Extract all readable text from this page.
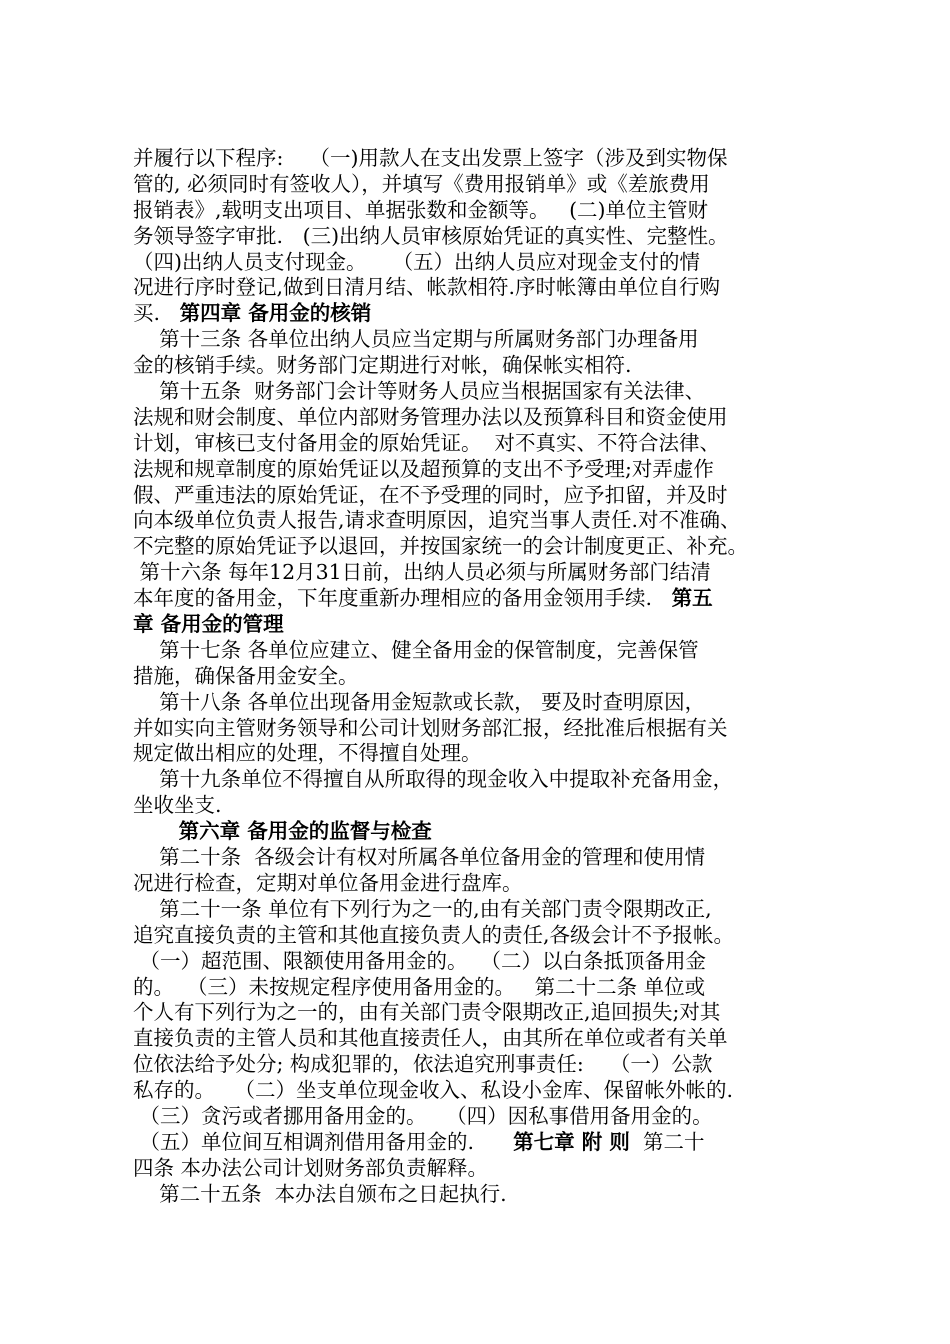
并履行以下程序:    （一)用款人在支出发票上签字（涉及到实物保
管的, 必须同时有签收人），并填写《费用报销单》或《差旅费用
报销表》,载明支出项目、单据张数和金额等。   (二)单位主管财
务领导签字审批.   (三)出纳人员审核原始凭证的真实性、完整性。
（四)出纳人员支付现金。    （五）出纳人员应对现金支付的情
况进行序时登记,做到日清月结、帐款相符.序时帐簿由单位自行购
买.   第四章 备用金的核销
第十三条 各单位出纳人员应当定期与所属财务部门办理备用
金的核销手续。财务部门定期进行对帐，确保帐实相符.
第十五条  财务部门会计等财务人员应当根据国家有关法律、
法规和财会制度、单位内部财务管理办法以及预算科目和资金使用
计划，审核已支付备用金的原始凭证。  对不真实、不符合法律、
法规和规章制度的原始凭证以及超预算的支出不予受理;对弄虚作
假、严重违法的原始凭证，在不予受理的同时，应予扣留，并及时
向本级单位负责人报告,请求查明原因，追究当事人责任.对不准确、
不完整的原始凭证予以退回，并按国家统一的会计制度更正、补充。
第十六条 每年12月31日前，出纳人员必须与所属财务部门结清
本年度的备用金，下年度重新办理相应的备用金领用手续.   第五
章 备用金的管理
第十七条 各单位应建立、健全备用金的保管制度，完善保管
措施，确保备用金安全。
第十八条 各单位出现备用金短款或长款， 要及时查明原因，
并如实向主管财务领导和公司计划财务部汇报，经批准后根据有关
规定做出相应的处理，不得擅自处理。
第十九条单位不得擅自从所取得的现金收入中提取补充备用金，
坐收坐支.
第六章 备用金的监督与检查
第二十条  各级会计有权对所属各单位备用金的管理和使用情
况进行检查，定期对单位备用金进行盘库。
第二十一条 单位有下列行为之一的,由有关部门责令限期改正,
追究直接负责的主管和其他直接负责人的责任,各级会计不予报帐。
（一）超范围、限额使用备用金的。  （二）以白条抵顶备用金
的。  （三）未按规定程序使用备用金的。   第二十二条 单位或
个人有下列行为之一的，由有关部门责令限期改正,追回损失;对其
直接负责的主管人员和其他直接责任人，由其所在单位或者有关单
位依法给予处分; 构成犯罪的，依法追究刑事责任:    （一）公款
私存的。   （二）坐支单位现金收入、私设小金库、保留帐外帐的.
（三）贪污或者挪用备用金的。   （四）因私事借用备用金的。
（五）单位间互相调剂借用备用金的.      第七章 附 则  第二十
四条 本办法公司计划财务部负责解释。
第二十五条  本办法自颁布之日起执行.
